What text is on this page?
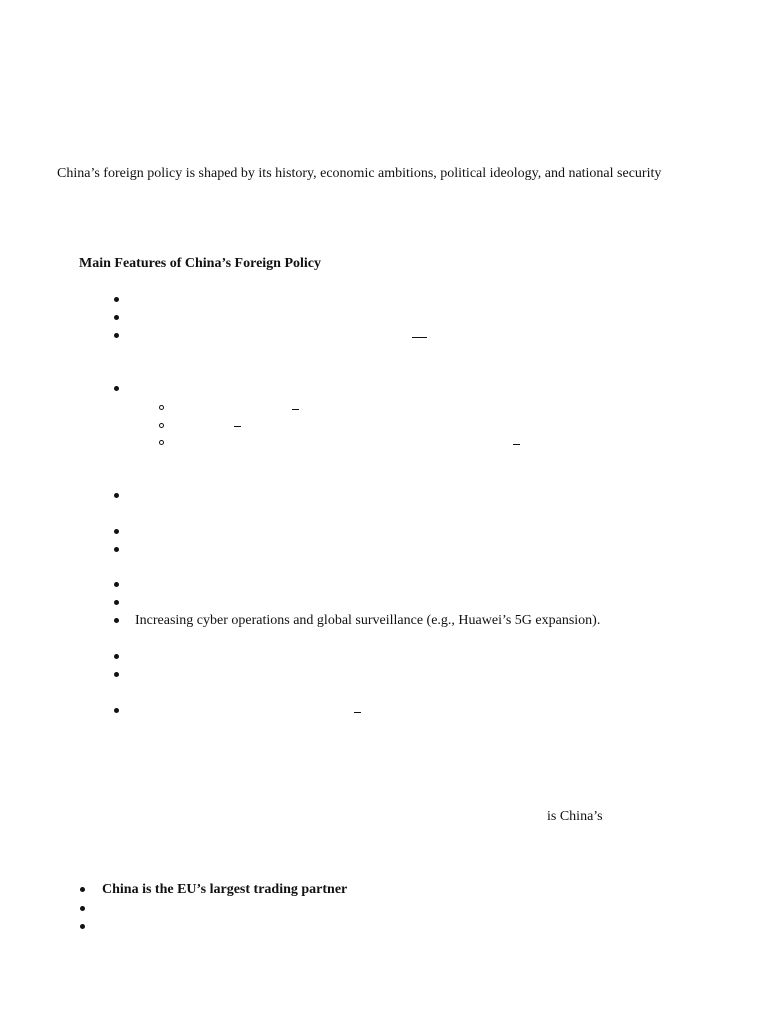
China’s foreign policy is shaped by its history, economic ambitions, political ideology, and national security
Main Features of China’s Foreign Policy
Increasing cyber operations and global surveillance (e.g., Huawei’s 5G expansion).
is China’s
China is the EU’s largest trading partner
